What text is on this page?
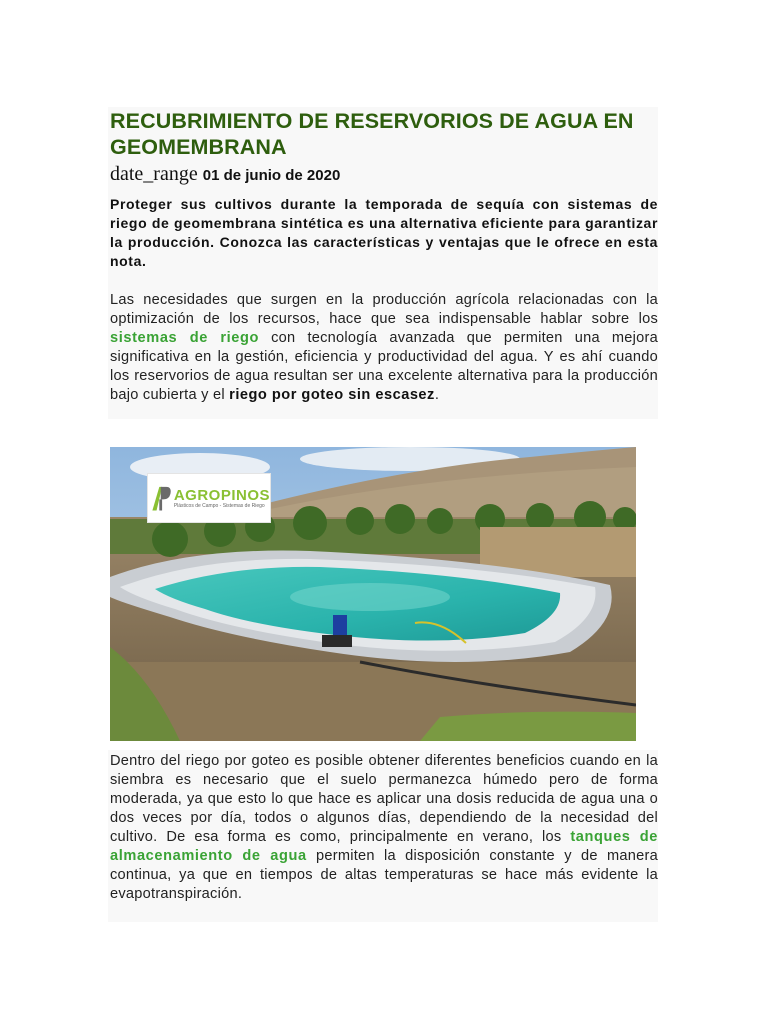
RECUBRIMIENTO DE RESERVORIOS DE AGUA EN GEOMEMBRANA
date_range 01 de junio de 2020
Proteger sus cultivos durante la temporada de sequía con sistemas de riego de geomembrana sintética es una alternativa eficiente para garantizar la producción. Conozca las características y ventajas que le ofrece en esta nota.

Las necesidades que surgen en la producción agrícola relacionadas con la optimización de los recursos, hace que sea indispensable hablar sobre los sistemas de riego con tecnología avanzada que permiten una mejora significativa en la gestión, eficiencia y productividad del agua. Y es ahí cuando los reservorios de agua resultan ser una excelente alternativa para la producción bajo cubierta y el riego por goteo sin escasez.

AGROPINOS
Plásticos de Campo - Sistemas de Riego

Dentro del riego por goteo es posible obtener diferentes beneficios cuando en la siembra es necesario que el suelo permanezca húmedo pero de forma moderada, ya que esto lo que hace es aplicar una dosis reducida de agua una o dos veces por día, todos o algunos días, dependiendo de la necesidad del cultivo. De esa forma es como, principalmente en verano, los tanques de almacenamiento de agua permiten la disposición constante y de manera continua, ya que en tiempos de altas temperaturas se hace más evidente la evapotranspiración.
